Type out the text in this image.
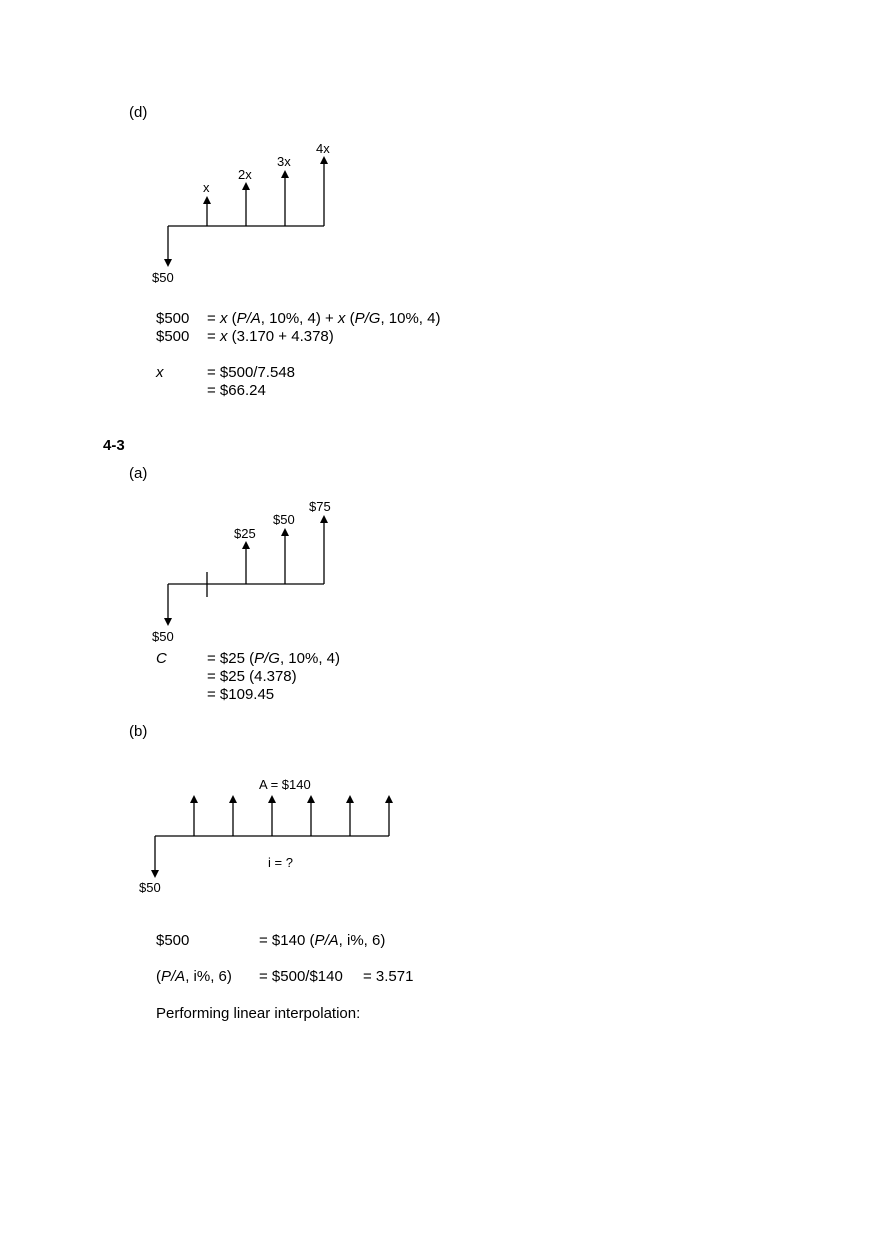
(d)
x
2x
3x
4x
$50
$500 = x (P/A, 10%, 4) + x (P/G, 10%, 4)
$500 = x (3.170 + 4.378)
x	= $500/7.548
= $66.24
4-3
(a)
$25
$50
$75
$50
C	= $25 (P/G, 10%, 4)
= $25 (4.378)
= $109.45
(b)
A = $140
i = ?
$50
$500	= $140 (P/A, i%, 6)
(P/A, i%, 6) = $500/$140 = 3.571
Performing linear interpolation:
